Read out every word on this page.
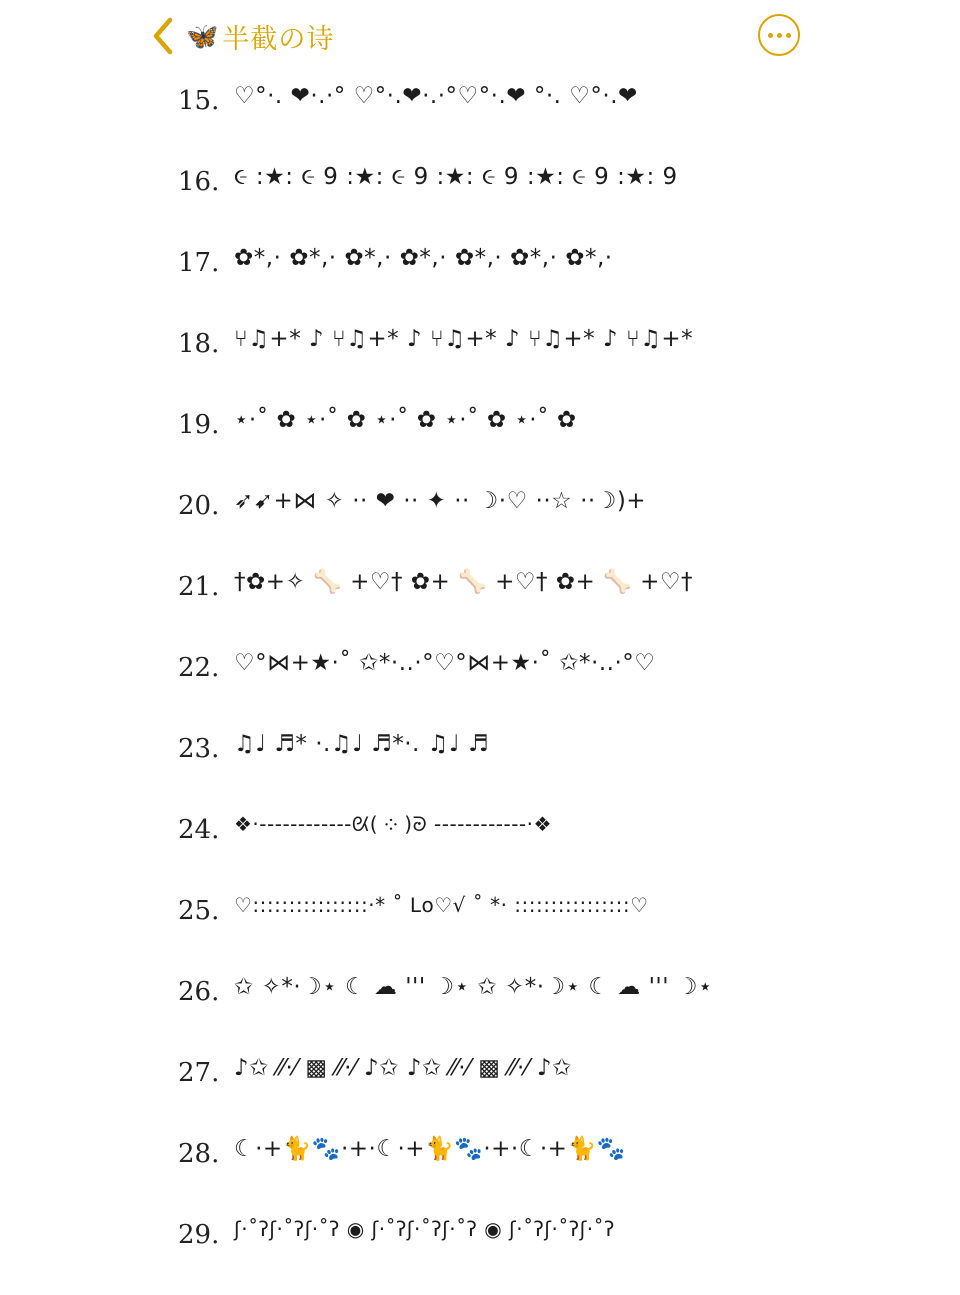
🦋 半截の诗
15. ♡°·. ❤·.·° ♡°·.❤·.·°♡°·.❤ °·. ♡°·.❤
16. ૯ :★: ૯ 9 :★: ૯ 9 :★: ૯ 9 :★: ૯ 9 :★: 9
17. ✿*,· ✿*,· ✿*,· ✿*,· ✿*,· ✿*,· ✿*,·
18. ⑂♫+* ♪ ⑂♫+* ♪ ⑂♫+* ♪ ⑂♫+* ♪ ⑂♫+*
19. ⋆·˚ ✿ ⋆·˚ ✿ ⋆·˚ ✿ ⋆·˚ ✿ ⋆·˚ ✿
20. ➶➹+⋈ ✧ ·· ❤ ·· ✦ ·· ☽·♡ ··☆ ··☽)+
21. †✿+✧ 🦴 +♡† ✿+ 🦴 +♡† ✿+ 🦴 +♡†
22. ♡°⋈+★·˚ ✩*·..·°♡°⋈+★·˚ ✩*·..·°♡
23. ♫♩ ♬* ·.♫♩ ♬*·. ♫♩ ♬
24. ❖·------------ᘡ( ༶ )ᘒ ------------·❖
25. ♡::::::::::::::::·* ˚ ᒪo♡√ ˚ *· ::::::::::::::::♡
26. ✩ ✧*·☽⋆ ☾ ☁ ''' ☽⋆ ✩ ✧*·☽⋆ ☾ ☁ ''' ☽⋆
27. ♪✩ ⁄⁄·⁄ ▩ ⁄⁄·⁄ ♪✩ ♪✩ ⁄⁄·⁄ ▩ ⁄⁄·⁄ ♪✩
28. ☾·+🐈🐾·+·☾·+🐈🐾·+·☾·+🐈🐾
29. ʃ·˚ʔʃ·˚ʔʃ·˚ʔ ◉ ʃ·˚ʔʃ·˚ʔʃ·˚ʔ ◉ ʃ·˚ʔʃ·˚ʔʃ·˚ʔ
